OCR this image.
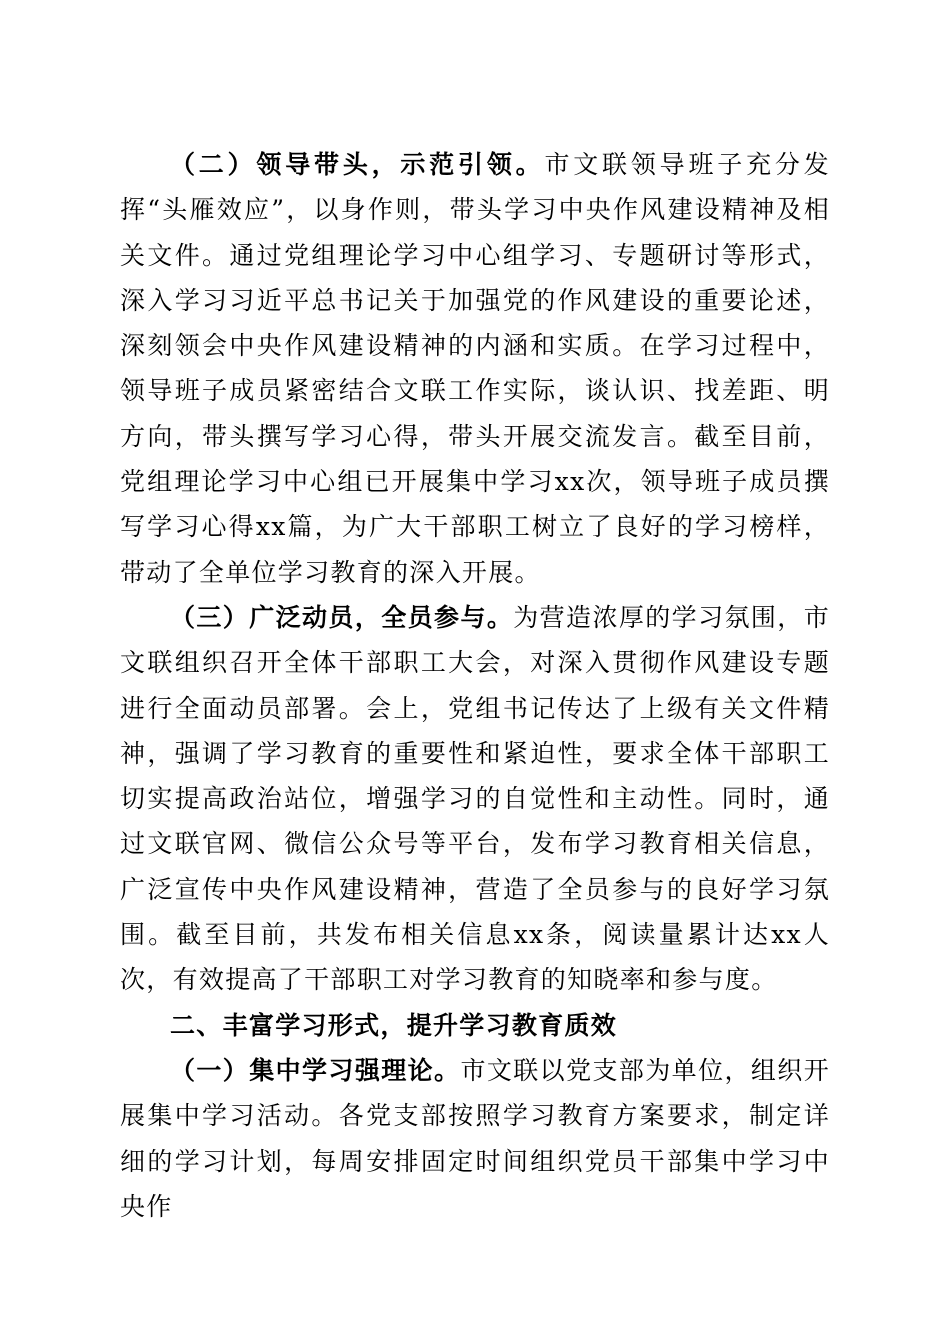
（二）领导带头，示范引领。市文联领导班子充分发挥“头雁效应”，以身作则，带头学习中央作风建设精神及相关文件。通过党组理论学习中心组学习、专题研讨等形式，深入学习习近平总书记关于加强党的作风建设的重要论述，深刻领会中央作风建设精神的内涵和实质。在学习过程中，领导班子成员紧密结合文联工作实际，谈认识、找差距、明方向，带头撰写学习心得，带头开展交流发言。截至目前，党组理论学习中心组已开展集中学习xx次，领导班子成员撰写学习心得xx篇，为广大干部职工树立了良好的学习榜样，带动了全单位学习教育的深入开展。

（三）广泛动员，全员参与。为营造浓厚的学习氛围，市文联组织召开全体干部职工大会，对深入贯彻作风建设专题进行全面动员部署。会上，党组书记传达了上级有关文件精神，强调了学习教育的重要性和紧迫性，要求全体干部职工切实提高政治站位，增强学习的自觉性和主动性。同时，通过文联官网、微信公众号等平台，发布学习教育相关信息，广泛宣传中央作风建设精神，营造了全员参与的良好学习氛围。截至目前，共发布相关信息xx条，阅读量累计达xx人次，有效提高了干部职工对学习教育的知晓率和参与度。

二、丰富学习形式，提升学习教育质效

（一）集中学习强理论。市文联以党支部为单位，组织开展集中学习活动。各党支部按照学习教育方案要求，制定详细的学习计划，每周安排固定时间组织党员干部集中学习中央作
